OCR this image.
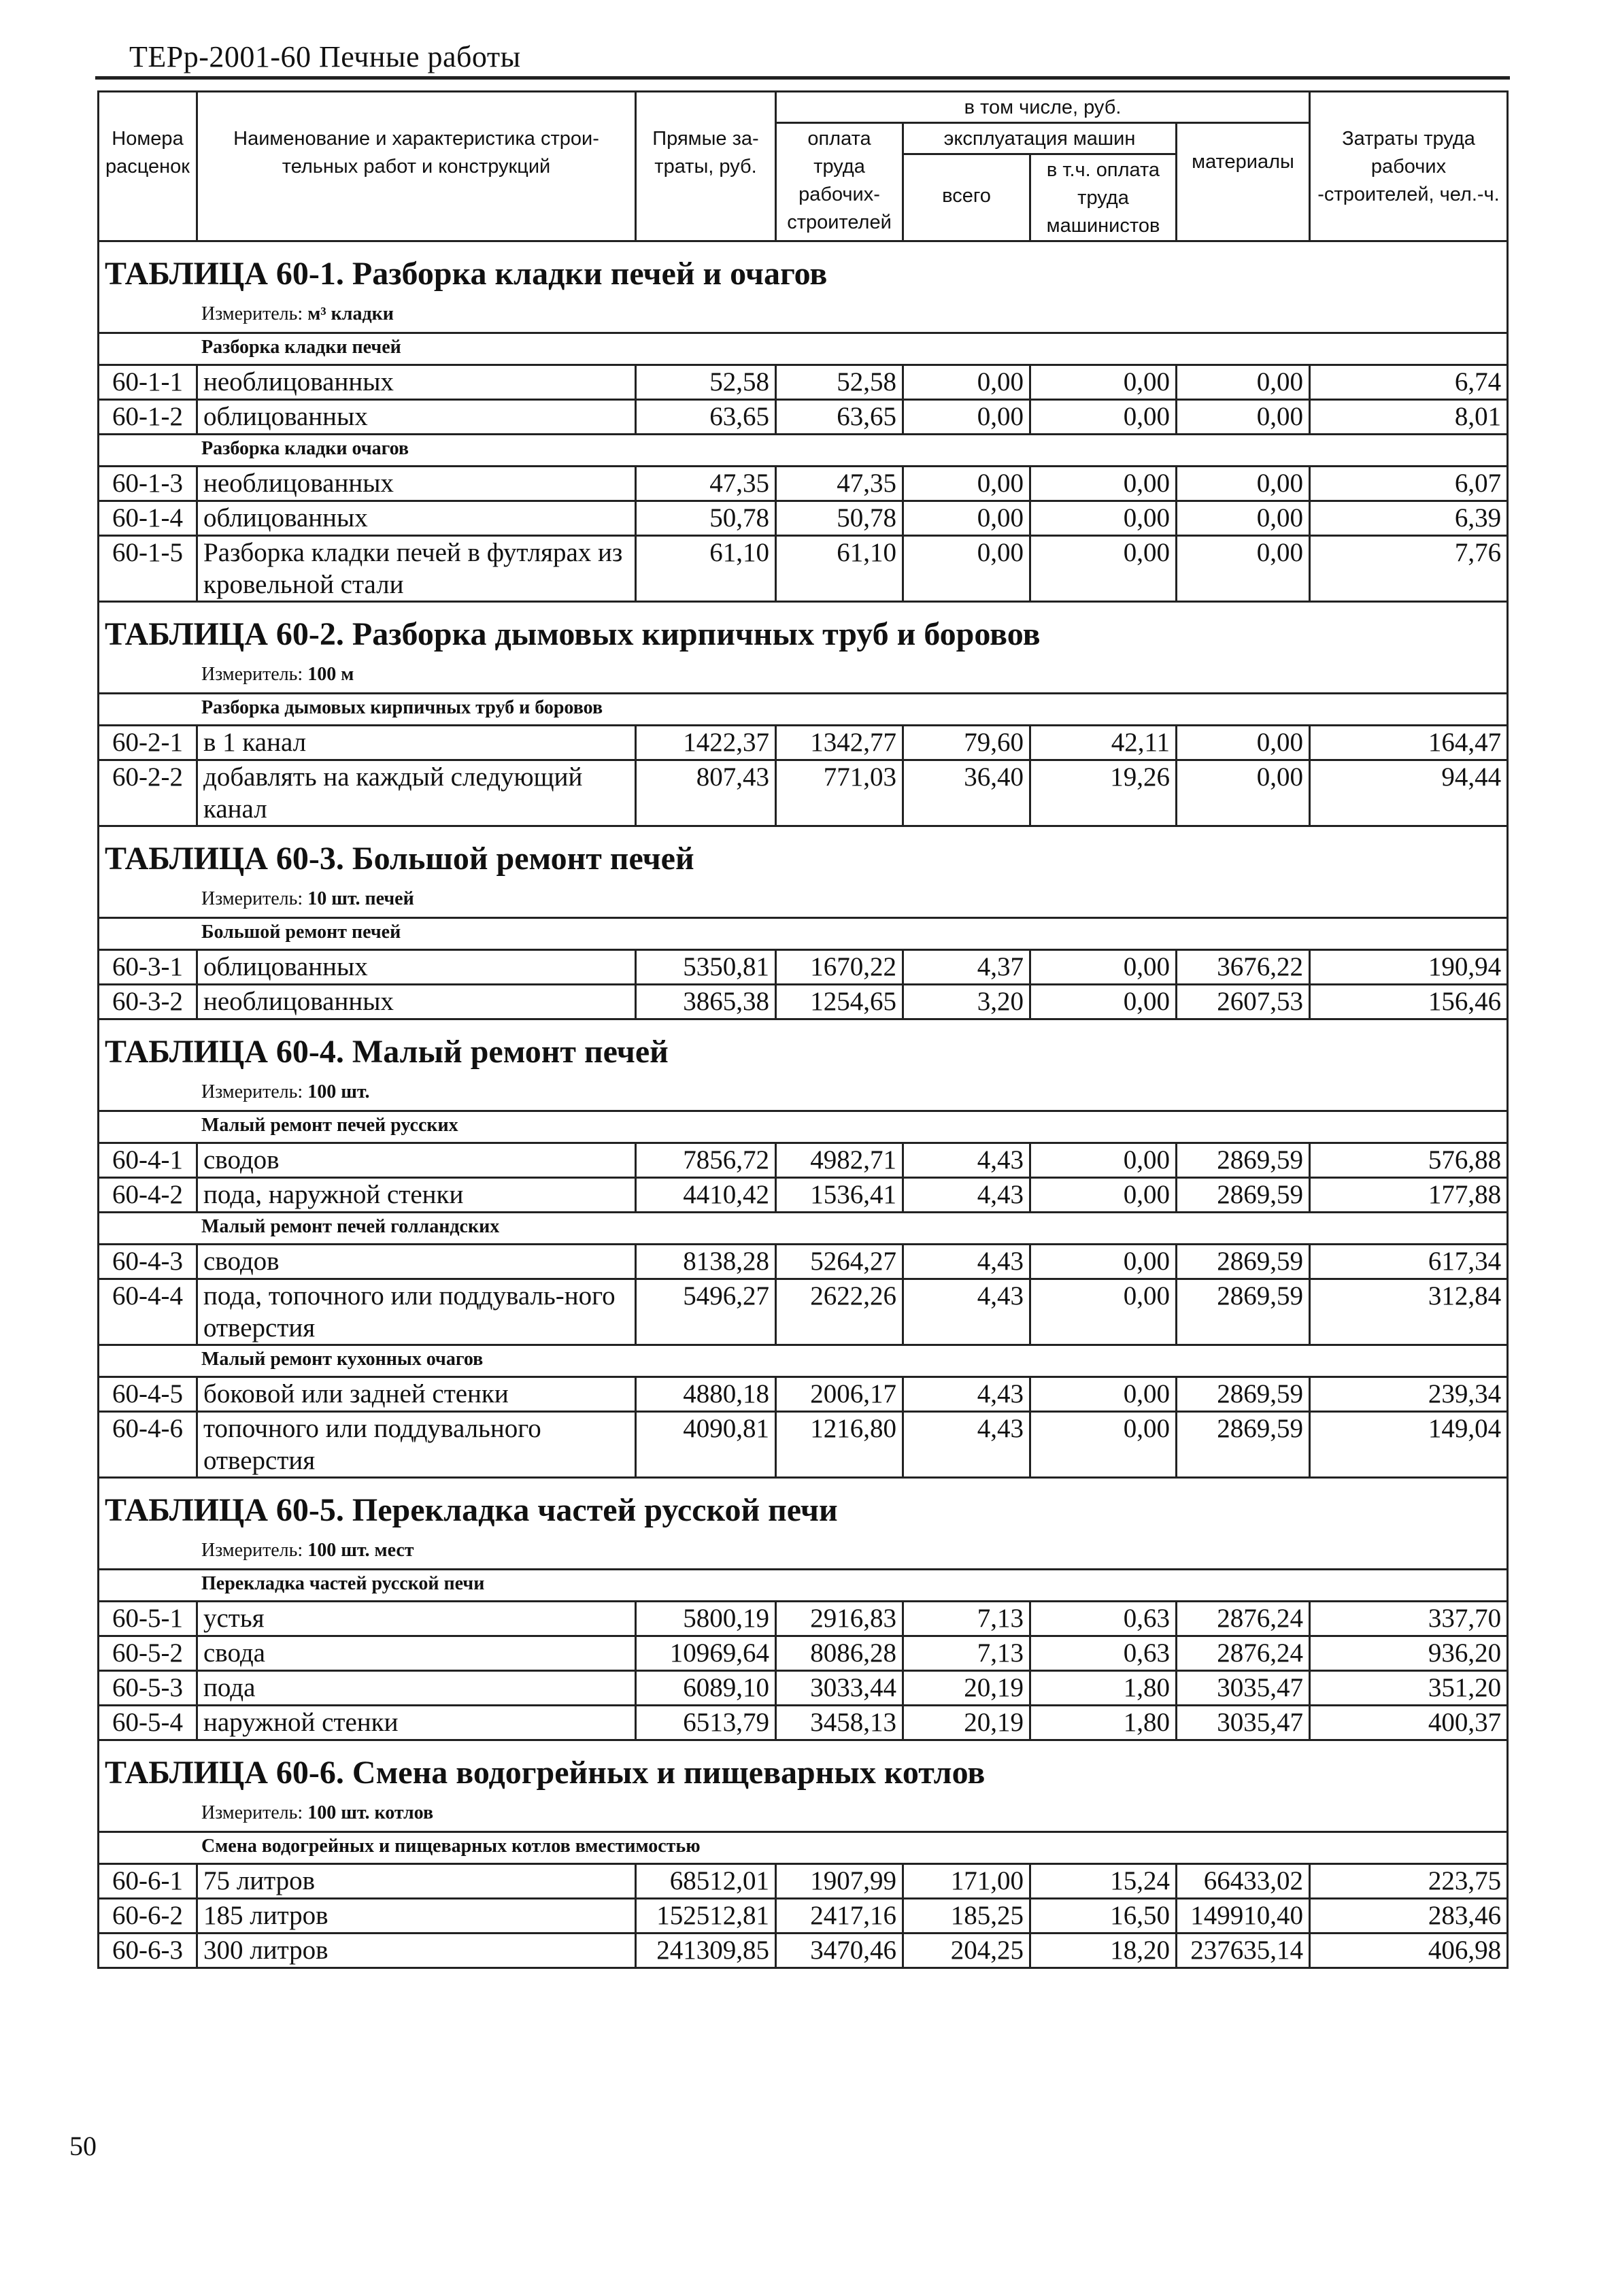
ТЕРр-2001-60 Печные работы
Номера расценок	Наименование и характеристика строи-тельных работ и конструкций	Прямые за-траты, руб.	в том числе, руб.				Затраты труда рабочих -строителей, чел.-ч.
			оплата труда рабочих-строителей	эксплуатация машин		материалы	
				всего	в т.ч. оплата труда машинистов		
ТАБЛИЦА 60-1. Разборка кладки печей и очагов							
Измеритель: м³ кладки							
Разборка кладки печей							
60-1-1	необлицованных	52,58	52,58	0,00	0,00	0,00	6,74
60-1-2	облицованных	63,65	63,65	0,00	0,00	0,00	8,01
Разборка кладки очагов							
60-1-3	необлицованных	47,35	47,35	0,00	0,00	0,00	6,07
60-1-4	облицованных	50,78	50,78	0,00	0,00	0,00	6,39
60-1-5	Разборка кладки печей в футлярах из кровельной стали	61,10	61,10	0,00	0,00	0,00	7,76
ТАБЛИЦА 60-2. Разборка дымовых кирпичных труб и боровов							
Измеритель: 100 м							
Разборка дымовых кирпичных труб и боровов							
60-2-1	в 1 канал	1422,37	1342,77	79,60	42,11	0,00	164,47
60-2-2	добавлять на каждый следующий канал	807,43	771,03	36,40	19,26	0,00	94,44
ТАБЛИЦА 60-3. Большой ремонт печей							
Измеритель: 10 шт. печей							
Большой ремонт печей							
60-3-1	облицованных	5350,81	1670,22	4,37	0,00	3676,22	190,94
60-3-2	необлицованных	3865,38	1254,65	3,20	0,00	2607,53	156,46
ТАБЛИЦА 60-4. Малый ремонт печей							
Измеритель: 100 шт.							
Малый ремонт печей русских							
60-4-1	сводов	7856,72	4982,71	4,43	0,00	2869,59	576,88
60-4-2	пода, наружной стенки	4410,42	1536,41	4,43	0,00	2869,59	177,88
Малый ремонт печей голландских							
60-4-3	сводов	8138,28	5264,27	4,43	0,00	2869,59	617,34
60-4-4	пода, топочного или поддуваль-ного отверстия	5496,27	2622,26	4,43	0,00	2869,59	312,84
Малый ремонт кухонных очагов							
60-4-5	боковой или задней стенки	4880,18	2006,17	4,43	0,00	2869,59	239,34
60-4-6	топочного или поддувального отверстия	4090,81	1216,80	4,43	0,00	2869,59	149,04
ТАБЛИЦА 60-5. Перекладка частей русской печи							
Измеритель: 100 шт. мест							
Перекладка частей русской печи							
60-5-1	устья	5800,19	2916,83	7,13	0,63	2876,24	337,70
60-5-2	свода	10969,64	8086,28	7,13	0,63	2876,24	936,20
60-5-3	пода	6089,10	3033,44	20,19	1,80	3035,47	351,20
60-5-4	наружной стенки	6513,79	3458,13	20,19	1,80	3035,47	400,37
ТАБЛИЦА 60-6. Смена водогрейных и пищеварных котлов							
Измеритель: 100 шт. котлов							
Смена водогрейных и пищеварных котлов вместимостью							
60-6-1	75 литров	68512,01	1907,99	171,00	15,24	66433,02	223,75
60-6-2	185 литров	152512,81	2417,16	185,25	16,50	149910,40	283,46
60-6-3	300 литров	241309,85	3470,46	204,25	18,20	237635,14	406,98
50
